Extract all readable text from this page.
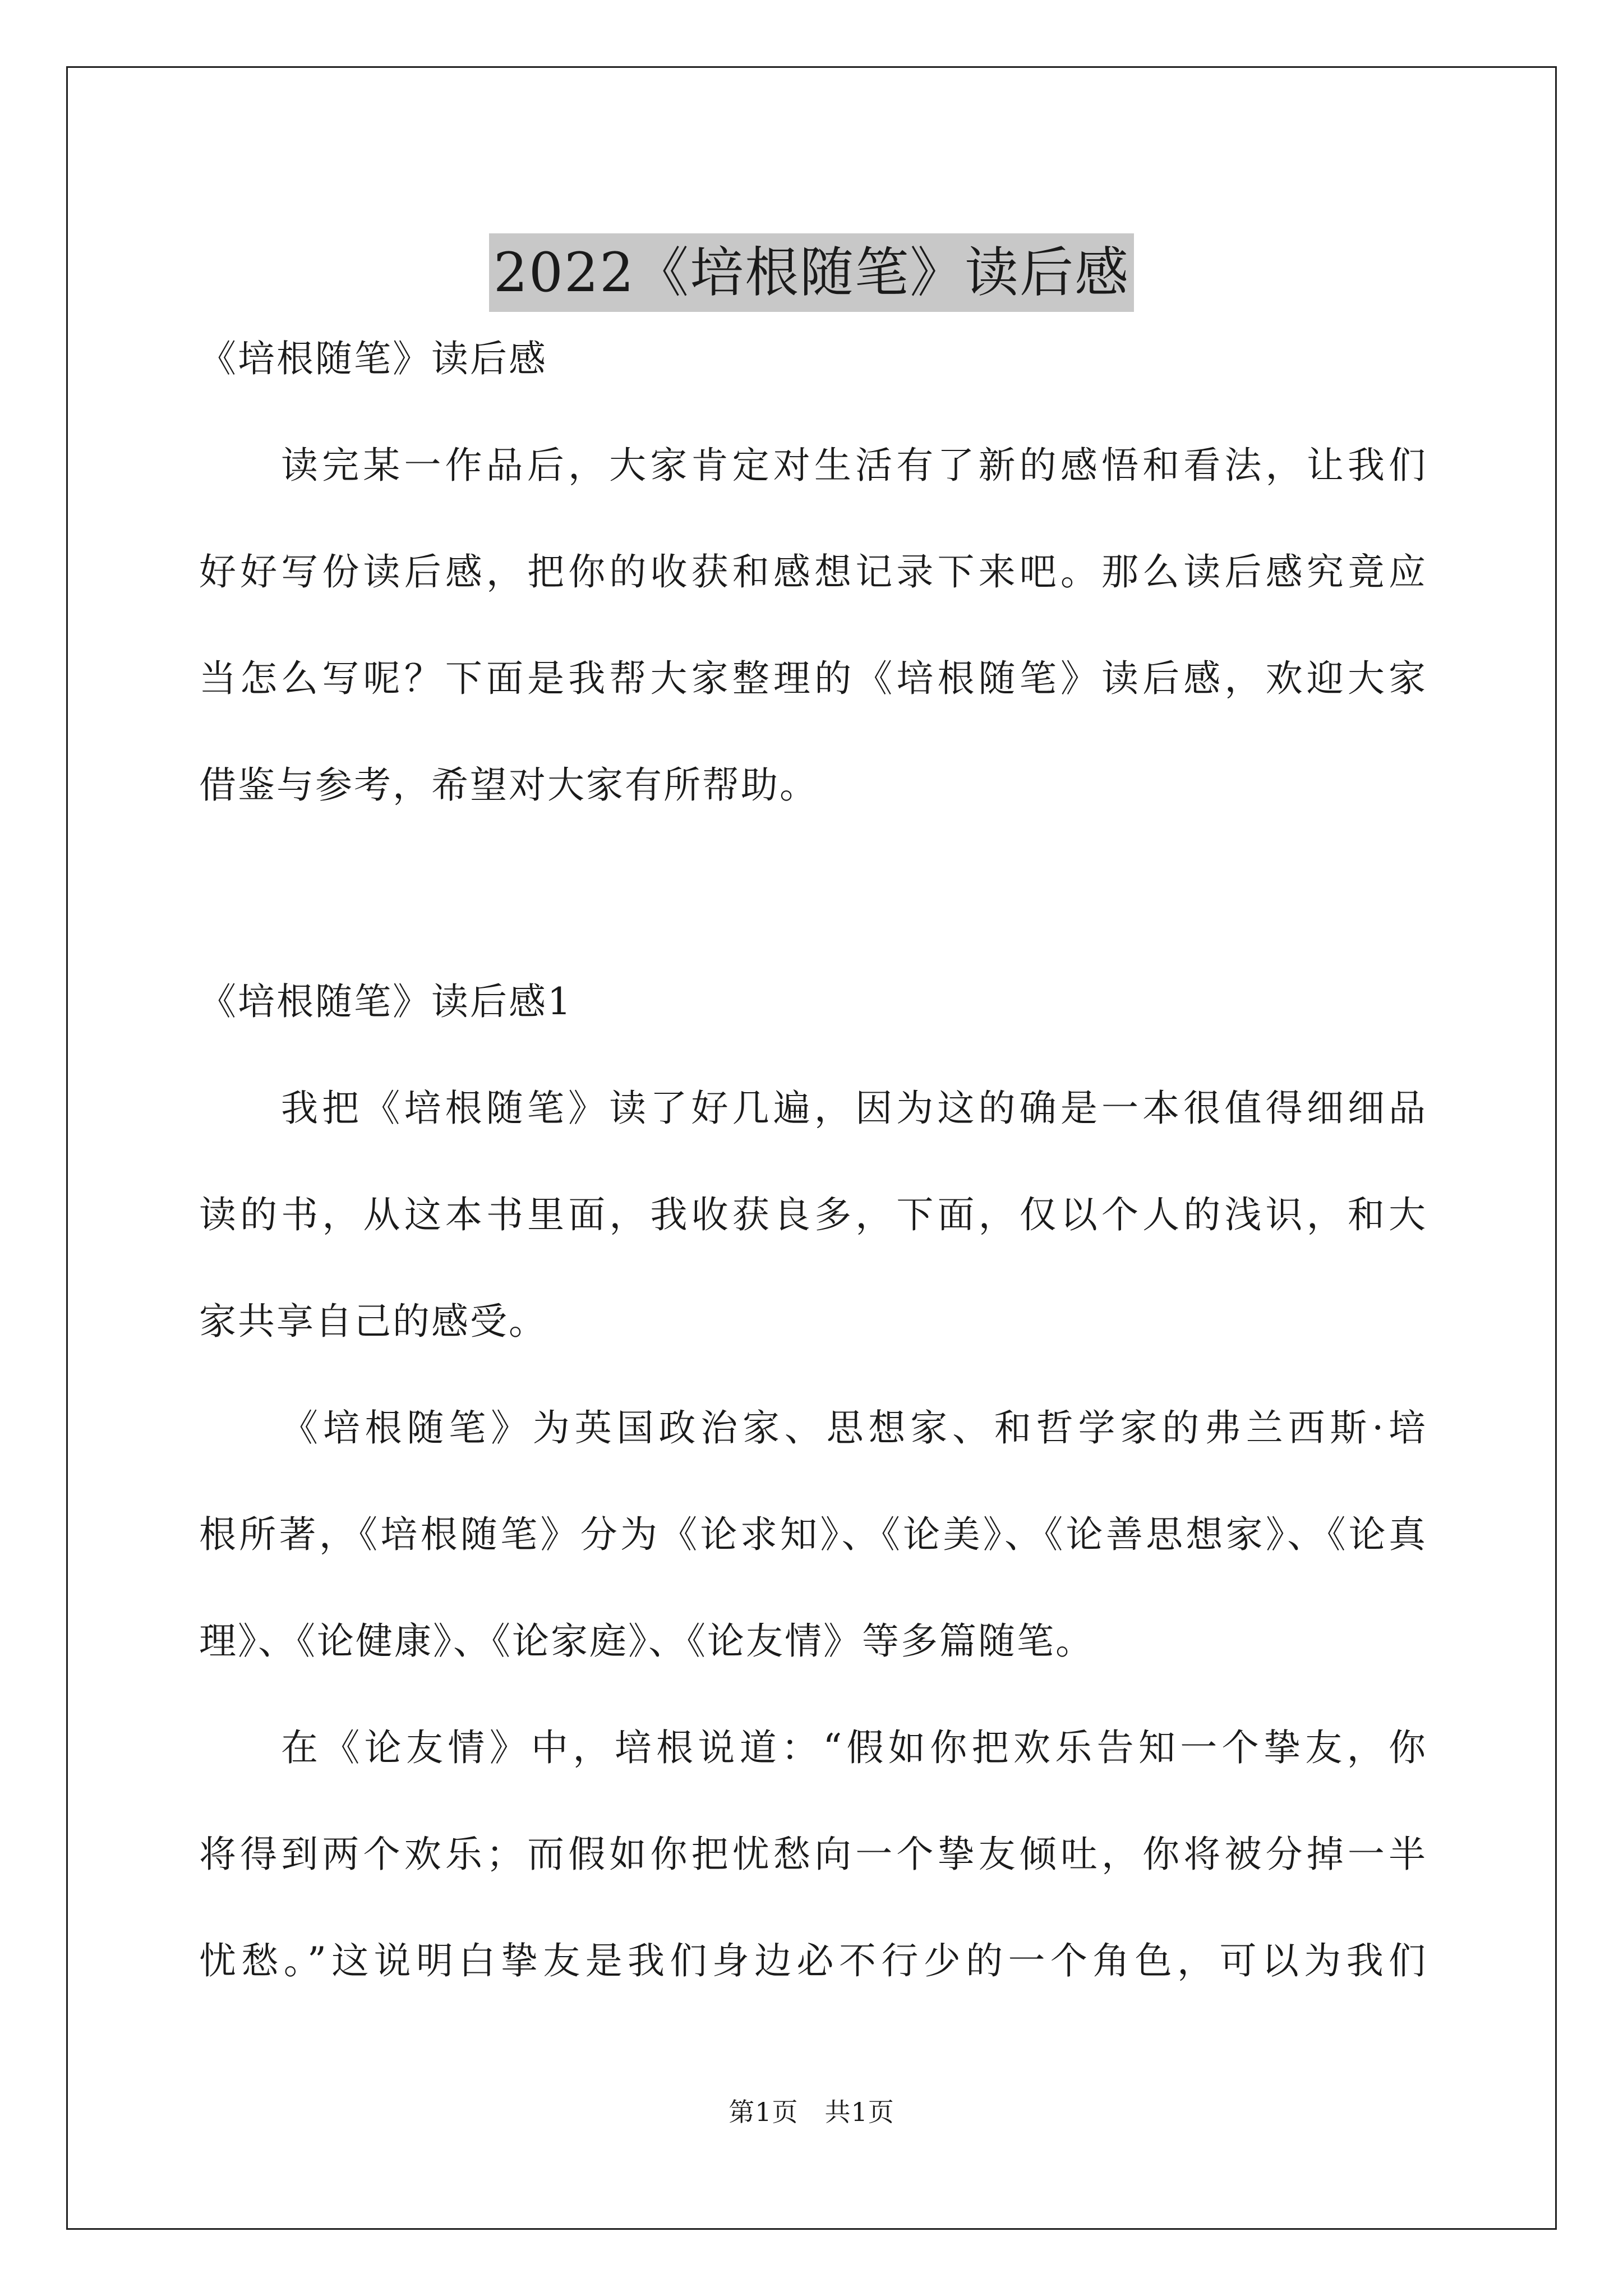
2022《培根随笔》读后感
《培根随笔》读后感
读完某一作品后，大家肯定对生活有了新的感悟和看法，让我们
好好写份读后感，把你的收获和感想记录下来吧。那么读后感究竟应
当怎么写呢？下面是我帮大家整理的《培根随笔》读后感，欢迎大家
借鉴与参考，希望对大家有所帮助。
《培根随笔》读后感1
我把《培根随笔》读了好几遍，因为这的确是一本很值得细细品
读的书，从这本书里面，我收获良多，下面，仅以个人的浅识，和大
家共享自己的感受。
《培根随笔》为英国政治家、思想家、和哲学家的弗兰西斯·培
根所著，《培根随笔》分为《论求知》、《论美》、《论善思想家》、《论真
理》、《论健康》、《论家庭》、《论友情》等多篇随笔。
在《论友情》中，培根说道：“假如你把欢乐告知一个挚友，你
将得到两个欢乐；而假如你把忧愁向一个挚友倾吐，你将被分掉一半
忧愁。”这说明白挚友是我们身边必不行少的一个角色，可以为我们
第1页　共1页
